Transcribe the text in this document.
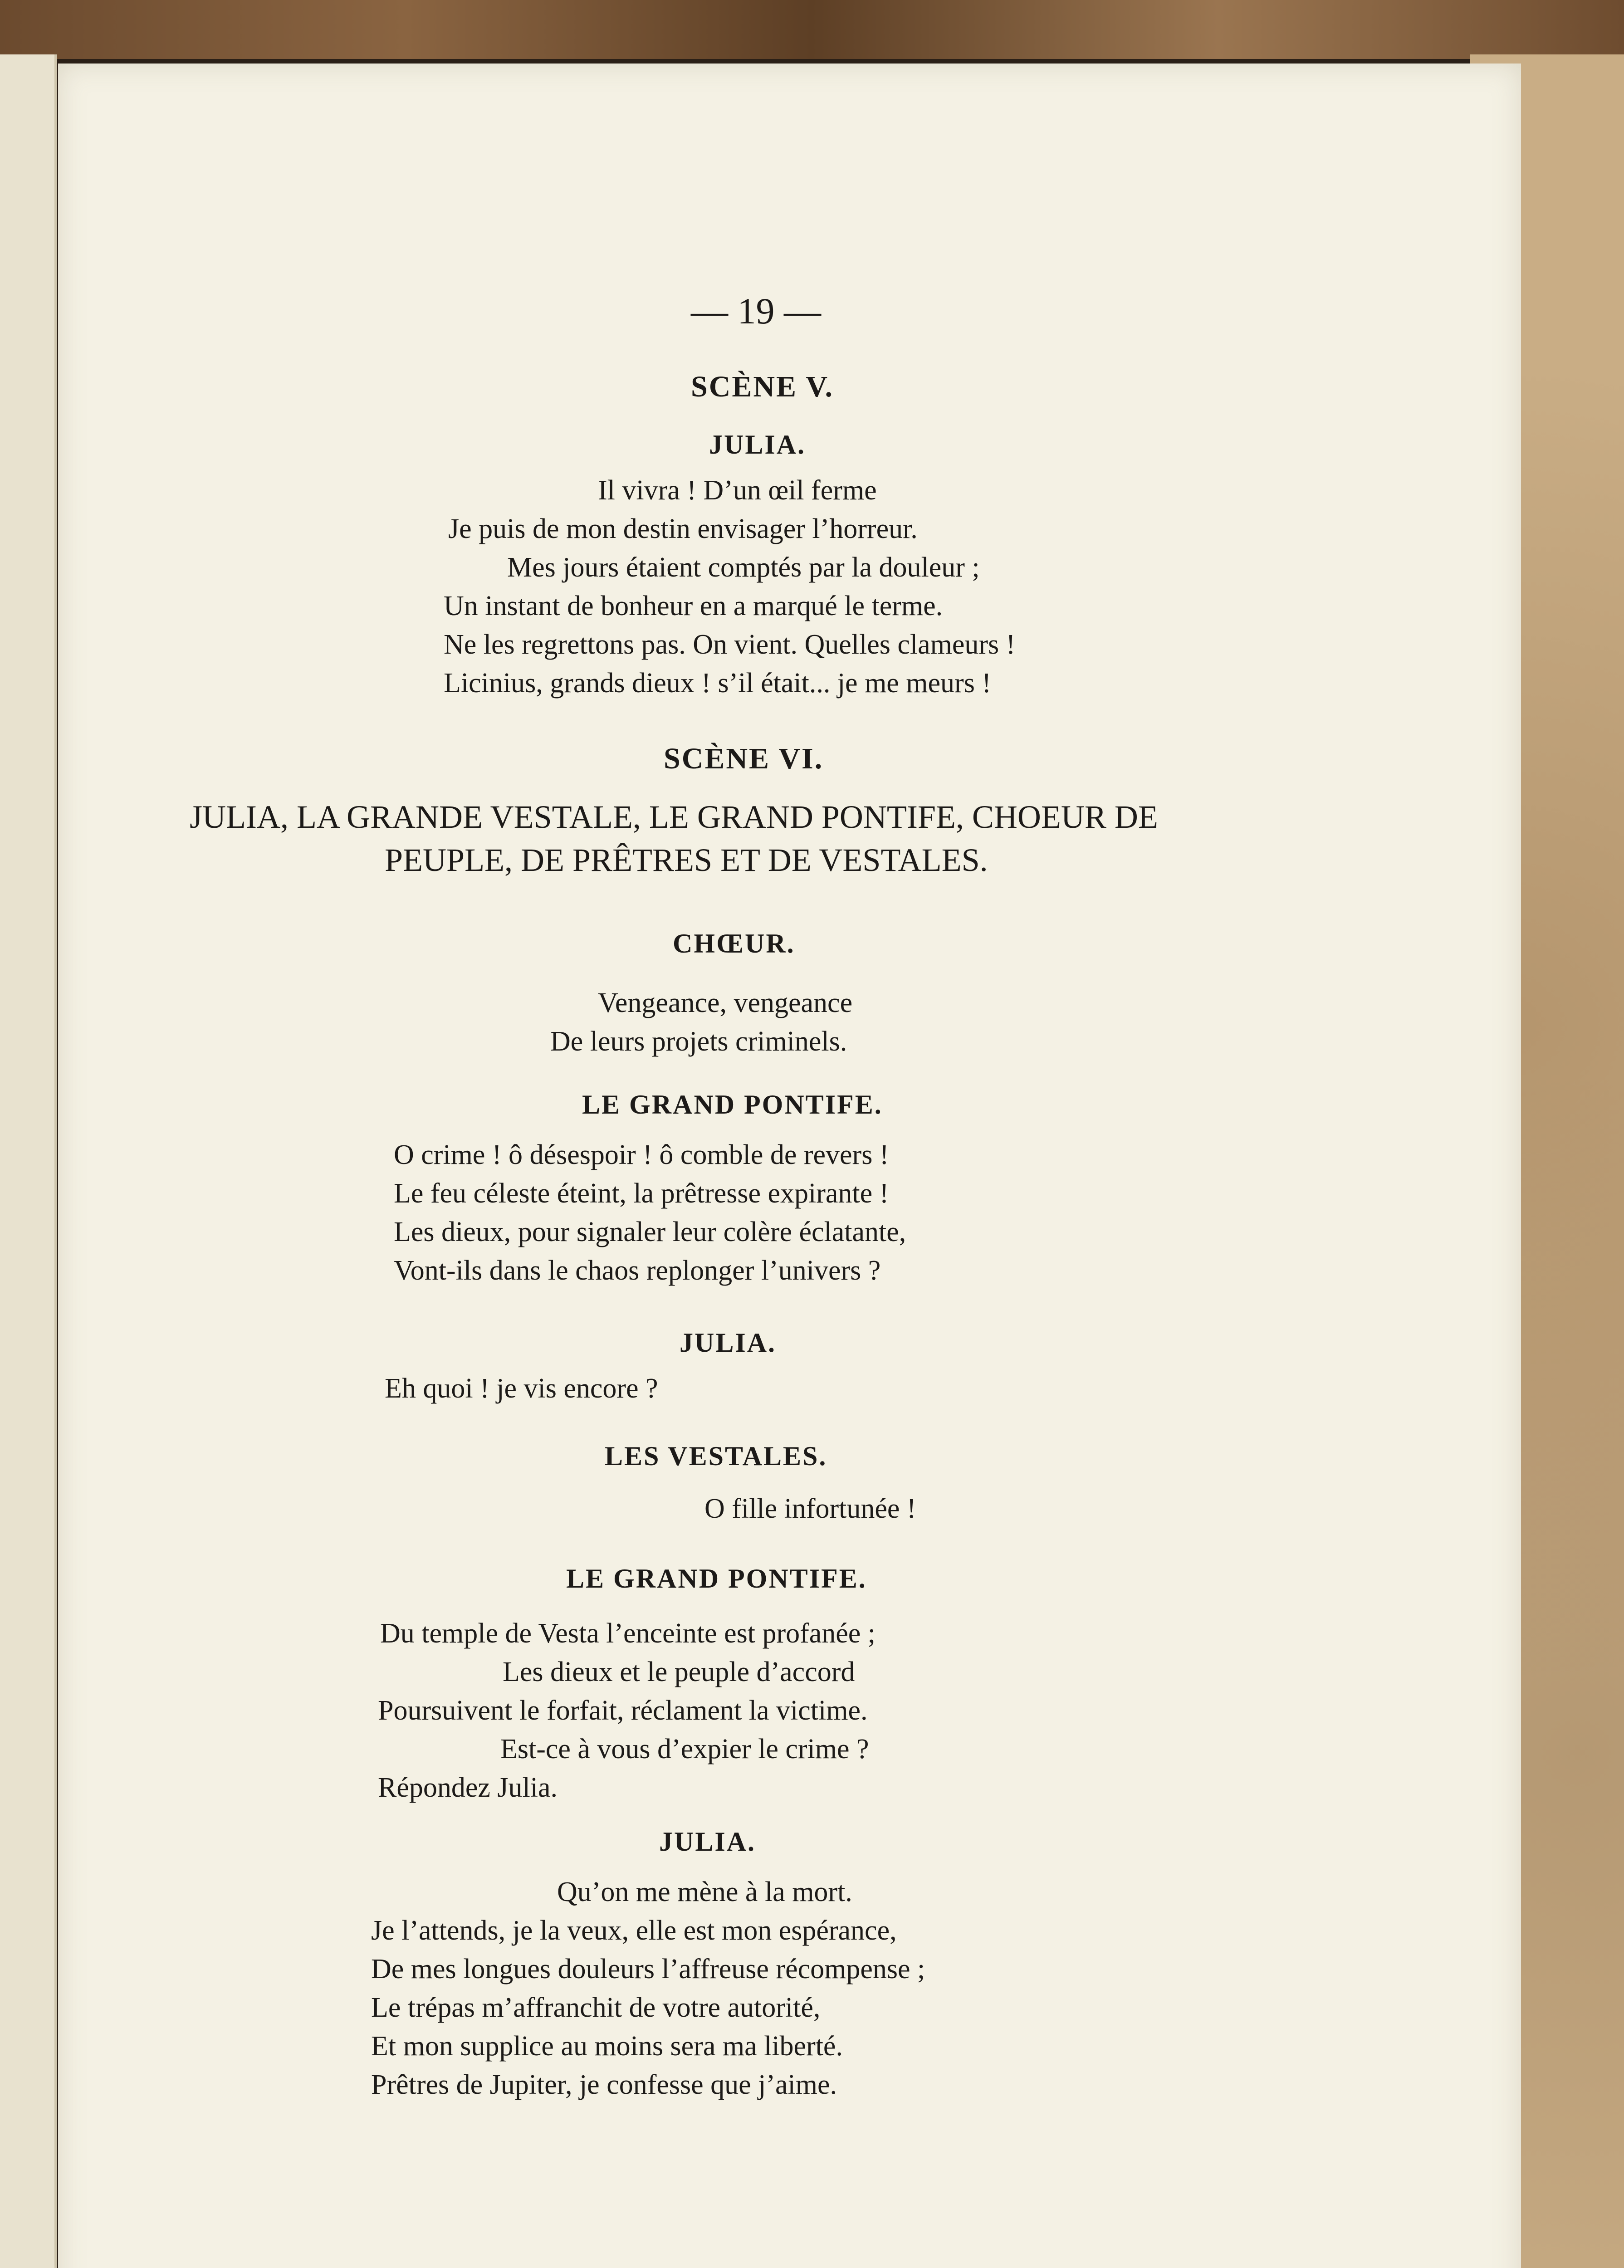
— 19 —
SCÈNE V.
JULIA.
Il vivra ! D’un œil ferme
Je puis de mon destin envisager l’horreur.
Mes jours étaient comptés par la douleur ;
Un instant de bonheur en a marqué le terme.
Ne les regrettons pas. On vient. Quelles clameurs !
Licinius, grands dieux ! s’il était... je me meurs !
SCÈNE VI.
JULIA, LA GRANDE VESTALE, LE GRAND PONTIFE, CHOEUR DE
PEUPLE, DE PRÊTRES ET DE VESTALES.
CHŒUR.
Vengeance, vengeance
De leurs projets criminels.
LE GRAND PONTIFE.
O crime ! ô désespoir ! ô comble de revers !
Le feu céleste éteint, la prêtresse expirante !
Les dieux, pour signaler leur colère éclatante,
Vont-ils dans le chaos replonger l’univers ?
JULIA.
Eh quoi ! je vis encore ?
LES VESTALES.
O fille infortunée !
LE GRAND PONTIFE.
Du temple de Vesta l’enceinte est profanée ;
Les dieux et le peuple d’accord
Poursuivent le forfait, réclament la victime.
Est-ce à vous d’expier le crime ?
Répondez Julia.
JULIA.
Qu’on me mène à la mort.
Je l’attends, je la veux, elle est mon espérance,
De mes longues douleurs l’affreuse récompense ;
Le trépas m’affranchit de votre autorité,
Et mon supplice au moins sera ma liberté.
Prêtres de Jupiter, je confesse que j’aime.
